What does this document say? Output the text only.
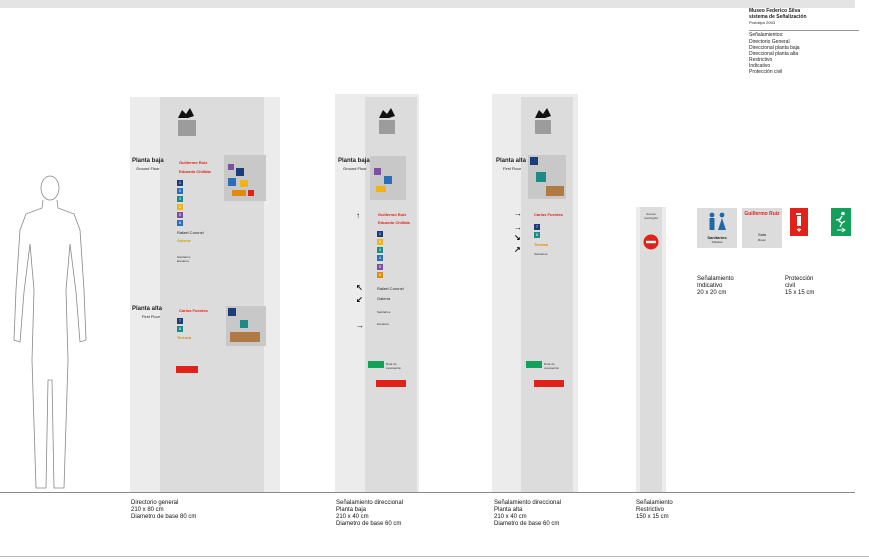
Museo Federico Silva
sistema de Señalización
Prototipo 2003
Señalamientos:
Directorio General
Direccional planta baja
Direccional planta alta
Restrictivo
Indicativo
Protección civil
Planta baja
Ground Floor
Guillermo Ruiz
Eduardo Chillida
1
2
3
4
5
6
Rafael Coronel
Galería
Sanitarios
Escalera
Planta alta
First Floor
Carlos Fuentes
7
8
Terraza
Directorio general
210 x 80 cm
Diametro de base 80 cm
Planta baja
Ground Floor
↑	Guillermo Ruiz
Eduardo Chillida
1
2
3
4
5
6
↖	Rafael Coronel
↙	Galería
Sanitarios
→	Escalera
Ruta de evacuación
Señalamiento direccional
Planta baja
210 x 40 cm
Diametro de base 60 cm
Planta alta
First Floor
→	Carlos Fuentes
→	7
↘	8
↗
Terraza
Sanitarios
Ruta de evacuación
Señalamiento direccional
Planta alta
210 x 40 cm
Diametro de base 60 cm
Acceso restringido
Señalamiento
Restrictivo
150 x 15 cm
Sanitarios
Toilettes
Guillermo Ruiz
Sala
Room
Señalamiento
Indicativo
20 x 20 cm
Protección
civil
15 x 15 cm
